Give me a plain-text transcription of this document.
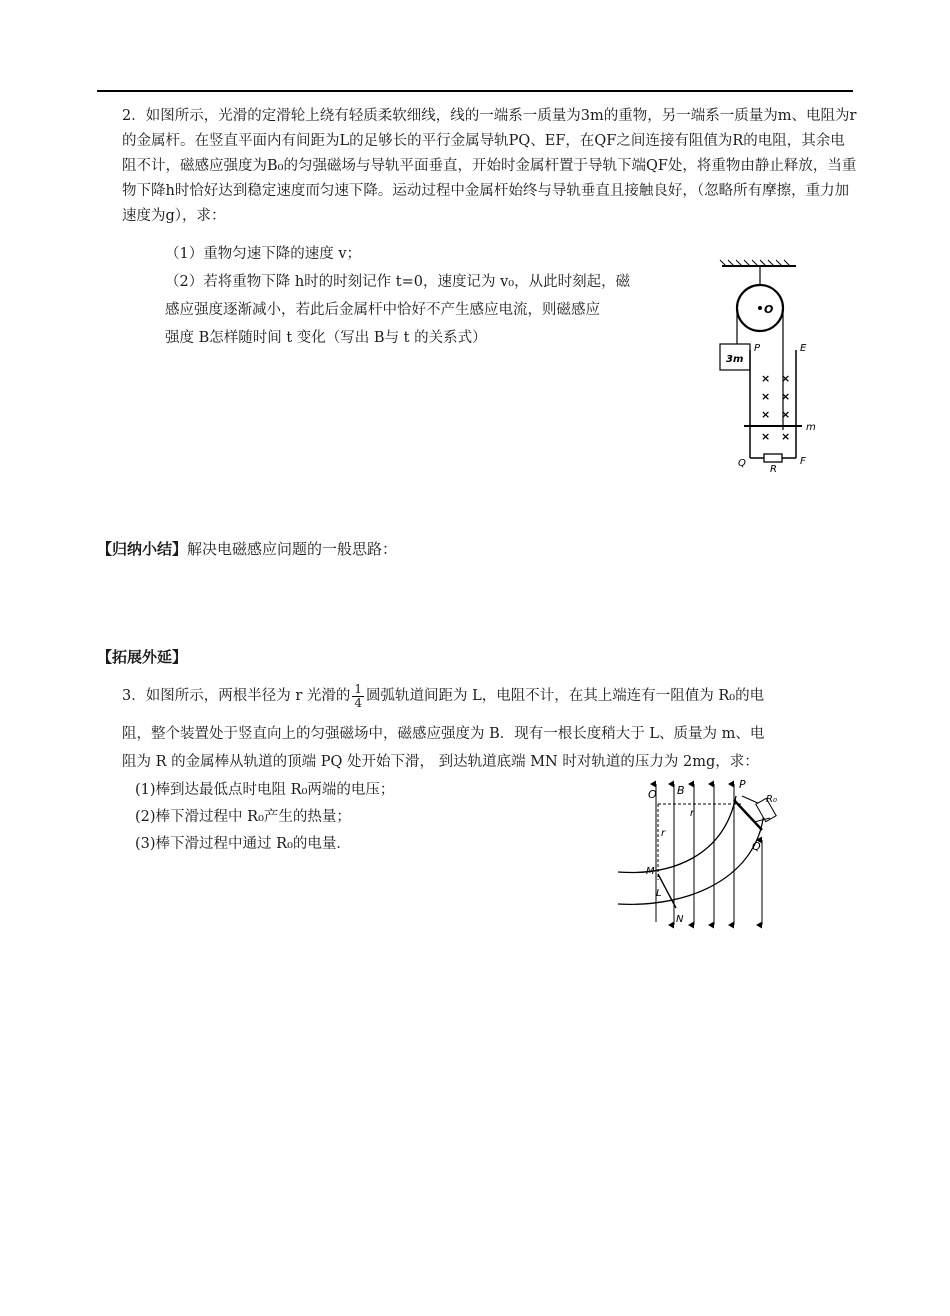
2．如图所示，光滑的定滑轮上绕有轻质柔软细线，线的一端系一质量为3m的重物，另一端系一质量为m、电阻为r的金属杆。在竖直平面内有间距为L的足够长的平行金属导轨PQ、EF，在QF之间连接有阻值为R的电阻，其余电阻不计，磁感应强度为B₀的匀强磁场与导轨平面垂直，开始时金属杆置于导轨下端QF处，将重物由静止释放，当重物下降h时恰好达到稳定速度而匀速下降。运动过程中金属杆始终与导轨垂直且接触良好，（忽略所有摩擦，重力加速度为g），求：

（1）重物匀速下降的速度 v；

（2）若将重物下降 h时的时刻记作 t=0，速度记为 v₀，从此时刻起，磁

感应强度逐渐减小，若此后金属杆中恰好不产生感应电流，则磁感应

强度 B怎样随时间 t 变化（写出 B与 t 的关系式）

O
3m
P	E
× ×
× ×
× ×
× ×
m
Q
R
F

【归纳小结】解决电磁感应问题的一般思路：

【拓展外延】

3．如图所示，两根半径为 r 光滑的 $\frac{1}{4}$ 圆弧轨道间距为 L，电阻不计，在其上端连有一阻值为 R₀的电

阻，整个装置处于竖直向上的匀强磁场中，磁感应强度为 B．现有一根长度稍大于 L、质量为 m、电

阻为 R 的金属棒从轨道的顶端 PQ 处开始下滑， 到达轨道底端 MN 时对轨道的压力为 2mg，求：

(1)棒到达最低点时电阻 R₀两端的电压；

(2)棒下滑过程中 R₀产生的热量；

(3)棒下滑过程中通过 R₀的电量．

O B
r
r
M
L
N
R₀
P
Q
